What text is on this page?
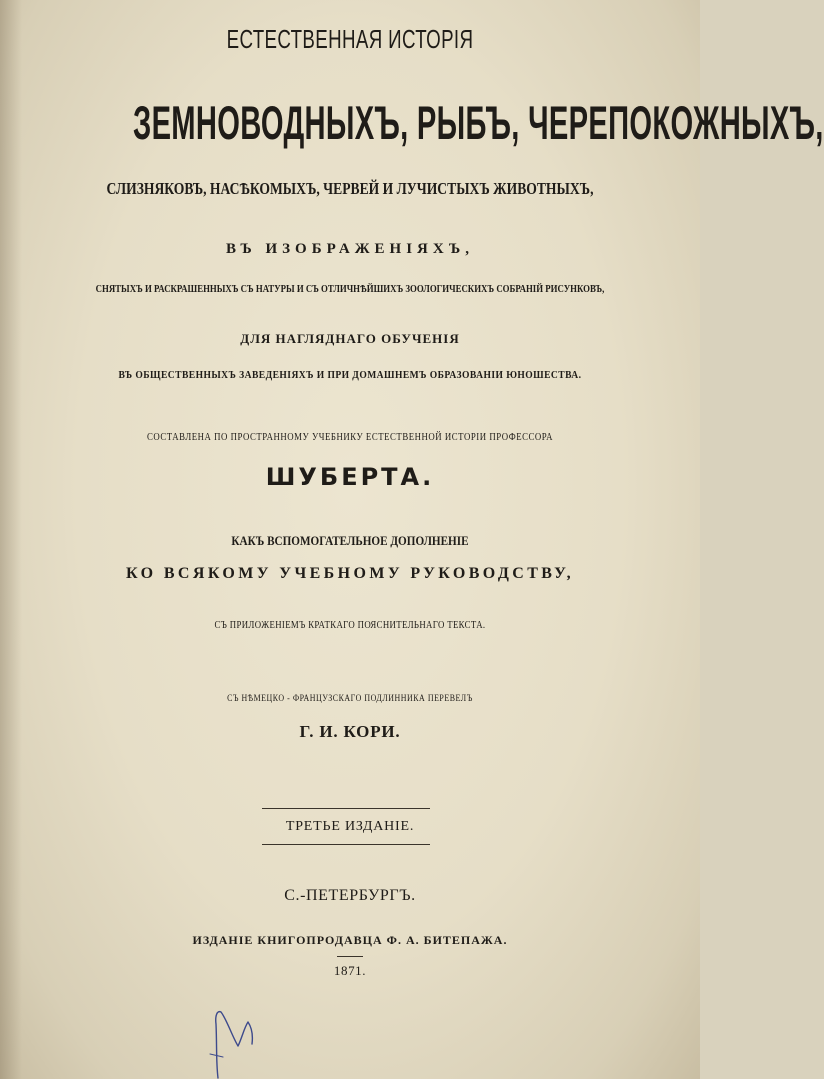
ЕСТЕСТВЕННАЯ ИСТОРІЯ
ЗЕМНОВОДНЫХЪ, РЫБЪ, ЧЕРЕПОКОЖНЫХЪ,
СЛИЗНЯКОВЪ, НАСѢКОМЫХЪ, ЧЕРВЕЙ И ЛУЧИСТЫХЪ ЖИВОТНЫХЪ,
ВЪ ИЗОБРАЖЕНІЯХЪ,
СНЯТЫХЪ И РАСКРАШЕННЫХЪ СЪ НАТУРЫ И СЪ ОТЛИЧНѢЙШИХЪ ЗООЛОГИЧЕСКИХЪ СОБРАНІЙ РИСУНКОВЪ,
ДЛЯ НАГЛЯДНАГО ОБУЧЕНІЯ
ВЪ ОБЩЕСТВЕННЫХЪ ЗАВЕДЕНІЯХЪ И ПРИ ДОМАШНЕМЪ ОБРАЗОВАНІИ ЮНОШЕСТВА.
СОСТАВЛЕНА ПО ПРОСТРАННОМУ УЧЕБНИКУ ЕСТЕСТВЕННОЙ ИСТОРІИ ПРОФЕССОРА
ШУБЕРТА.
КАКЪ ВСПОМОГАТЕЛЬНОЕ ДОПОЛНЕНІЕ
КО ВСЯКОМУ УЧЕБНОМУ РУКОВОДСТВУ,
СЪ ПРИЛОЖЕНІЕМЪ КРАТКАГО ПОЯСНИТЕЛЬНАГО ТЕКСТА.
СЪ НѢМЕЦКО - ФРАНЦУЗСКАГО ПОДЛИННИКА ПЕРЕВЕЛЪ
Г. И. КОРИ.
ТРЕТЬЕ ИЗДАНІЕ.
С.-ПЕТЕРБУРГЪ.
ИЗДАНІЕ КНИГОПРОДАВЦА Ф. А. БИТЕПАЖА.
1871.
